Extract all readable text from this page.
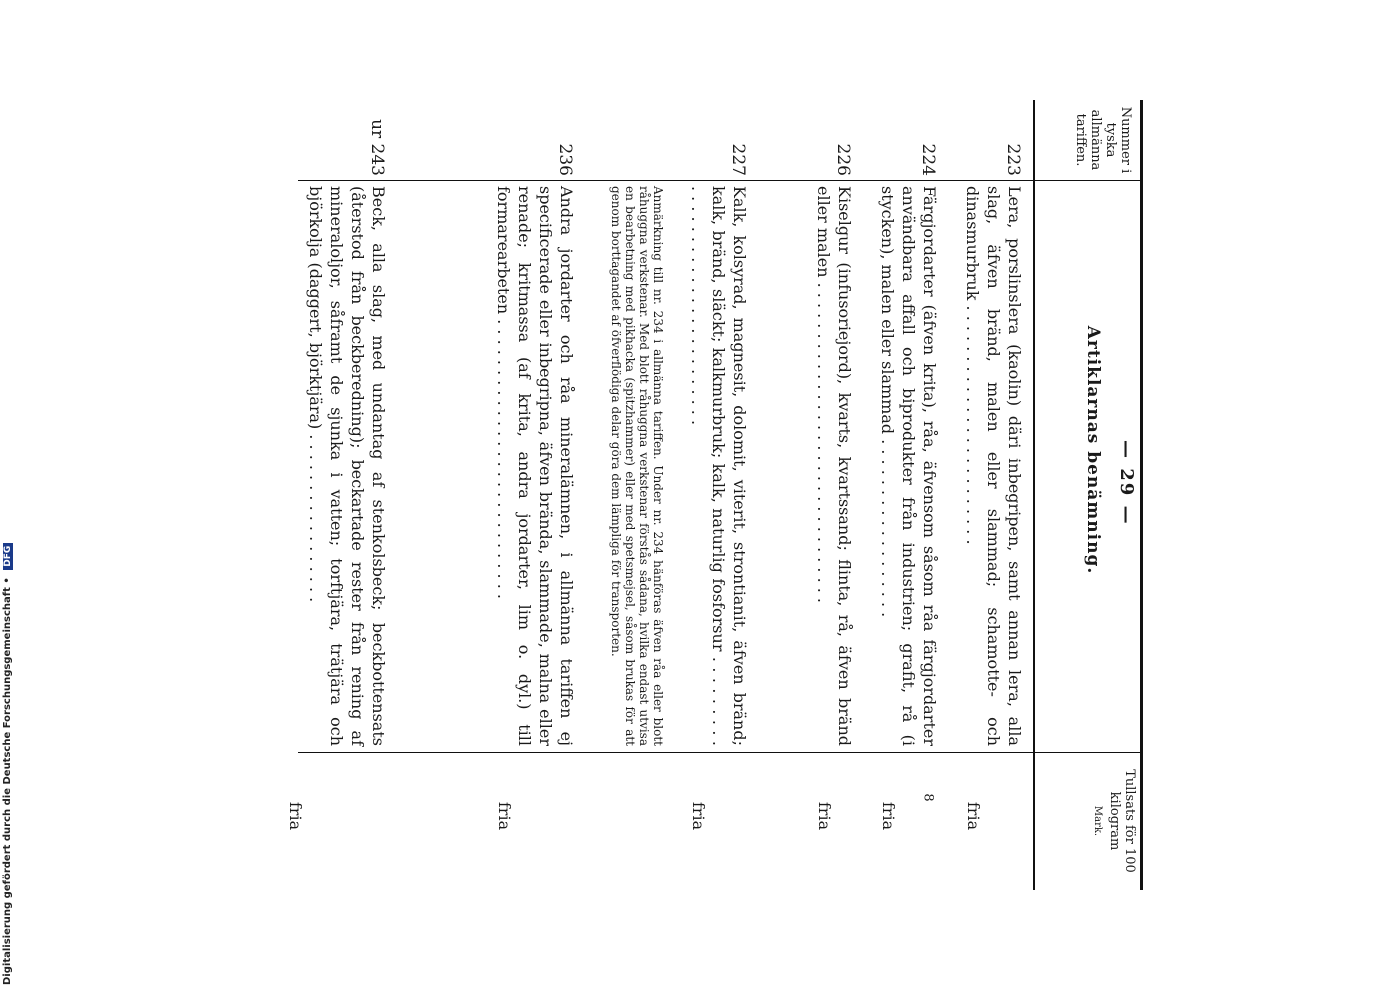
— 29 —
Nummer i tyska allmänna tariffen.
Artiklarnas benämning.
Tullsats för 100 kilogram
Mark.
223
Lera, porslinslera (kaolin) däri inbegripen, samt annan lera, alla slag, äfven bränd, malen eller slammad; schamotte- och dinasmurbruk . . . . . . . . . . . . . . . . . . . . . . . .
fria
224
Färgjordarter (äfven krita), råa, äfvensom såsom råa färgjordarter användbara affall och biprodukter från industrien; grafit, rå (i stycken), malen eller slammad . . . . . . . . . . . . . . . . . .
fria
226
Kiselgur (infusoriejord), kvarts, kvartssand; flinta, rå, äfven bränd eller malen . . . . . . . . . . . . . . . . . . . . . . . . . . . . . . . .
fria
227
Kalk, kolsyrad, magnesit, dolomit, viterit, strontianit, äfven bränd; kalk, bränd, släckt; kalkmurbruk; kalk, naturlig fosforsur . . . . . . . . . . . . . . . . . . . . . . . . . . . . . . . . .
fria
Anmärkning till nr. 234 i allmänna tariffen. Under nr. 234 hänföras äfven råa eller blott råhuggna verkstenar. Med blott råhuggna verkstenar förstås sådana, hvilka endast utvisa en bearbetning med pikhacka (spitzhammer) eller med spetsmejsel, såsom brukas för att genom borttagandet af öfverflödiga delar göra dem lämpliga för transporten.
236
Andra jordarter och råa mineralämnen, i allmänna tariffen ej specificerade eller inbegripna, äfven brända, slammade, malna eller renade; kritmassa (af krita, andra jordarter, lim o. dyl.) till formarearbeten . . . . . . . . . . . . . . . . . . . . . . . . . . . .
fria
ur 243
Beck, alla slag, med undantag af stenkolsbeck; beckbottensats (återstod från beckberedning); beckartade rester från rening af mineraloljor, såframt de sjunka i vatten; torftjära, trätjära och björkolja (daggert, björktjära) . . . . . . . . . . . . . . . . .
fria
8
Digitalisierung gefördert durch die Deutsche Forschungsgemeinschaft • DFG
